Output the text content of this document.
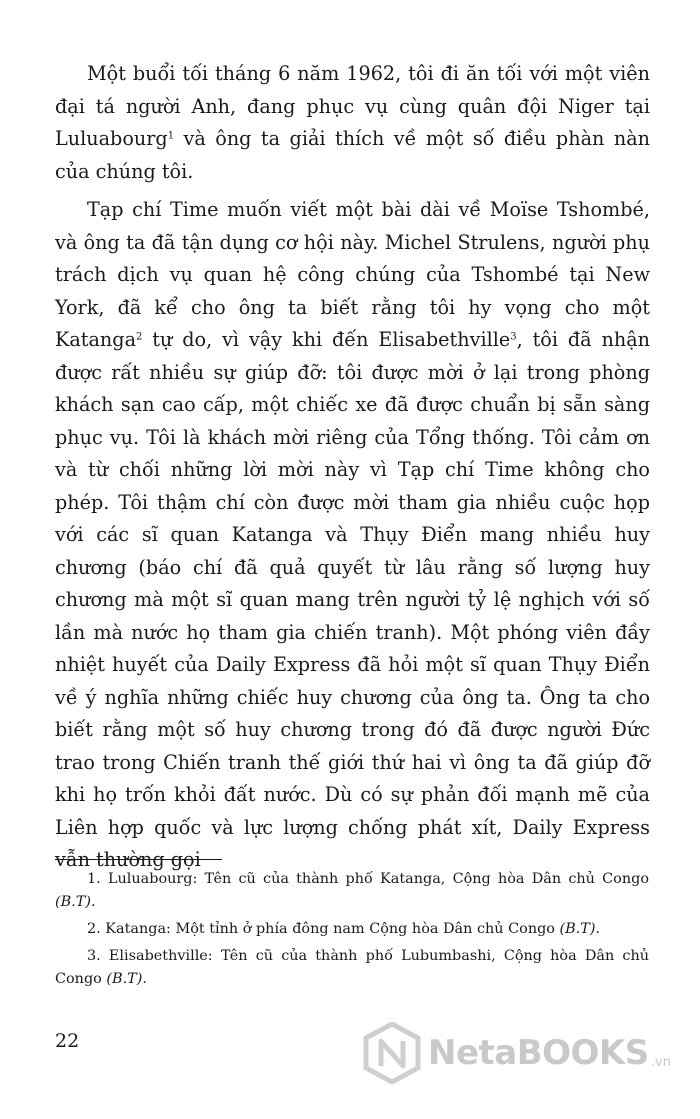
Một buổi tối tháng 6 năm 1962, tôi đi ăn tối với một viên đại tá người Anh, đang phục vụ cùng quân đội Niger tại Luluabourg$^1$ và ông ta giải thích về một số điều phàn nàn của chúng tôi.

Tạp chí Time muốn viết một bài dài về Moïse Tshombé, và ông ta đã tận dụng cơ hội này. Michel Strulens, người phụ trách dịch vụ quan hệ công chúng của Tshombé tại New York, đã kể cho ông ta biết rằng tôi hy vọng cho một Katanga$^2$ tự do, vì vậy khi đến Elisabethville$^3$, tôi đã nhận được rất nhiều sự giúp đỡ: tôi được mời ở lại trong phòng khách sạn cao cấp, một chiếc xe đã được chuẩn bị sẵn sàng phục vụ. Tôi là khách mời riêng của Tổng thống. Tôi cảm ơn và từ chối những lời mời này vì Tạp chí Time không cho phép. Tôi thậm chí còn được mời tham gia nhiều cuộc họp với các sĩ quan Katanga và Thụy Điển mang nhiều huy chương (báo chí đã quả quyết từ lâu rằng số lượng huy chương mà một sĩ quan mang trên người tỷ lệ nghịch với số lần mà nước họ tham gia chiến tranh). Một phóng viên đầy nhiệt huyết của Daily Express đã hỏi một sĩ quan Thụy Điển về ý nghĩa những chiếc huy chương của ông ta. Ông ta cho biết rằng một số huy chương trong đó đã được người Đức trao trong Chiến tranh thế giới thứ hai vì ông ta đã giúp đỡ khi họ trốn khỏi đất nước. Dù có sự phản đối mạnh mẽ của Liên hợp quốc và lực lượng chống phát xít, Daily Express vẫn thường gọi

1. Luluabourg: Tên cũ của thành phố Katanga, Cộng hòa Dân chủ Congo (B.T).

2. Katanga: Một tỉnh ở phía đông nam Cộng hòa Dân chủ Congo (B.T).

3. Elisabethville: Tên cũ của thành phố Lubumbashi, Cộng hòa Dân chủ Congo (B.T).

22	NetaBOOKS .vn
